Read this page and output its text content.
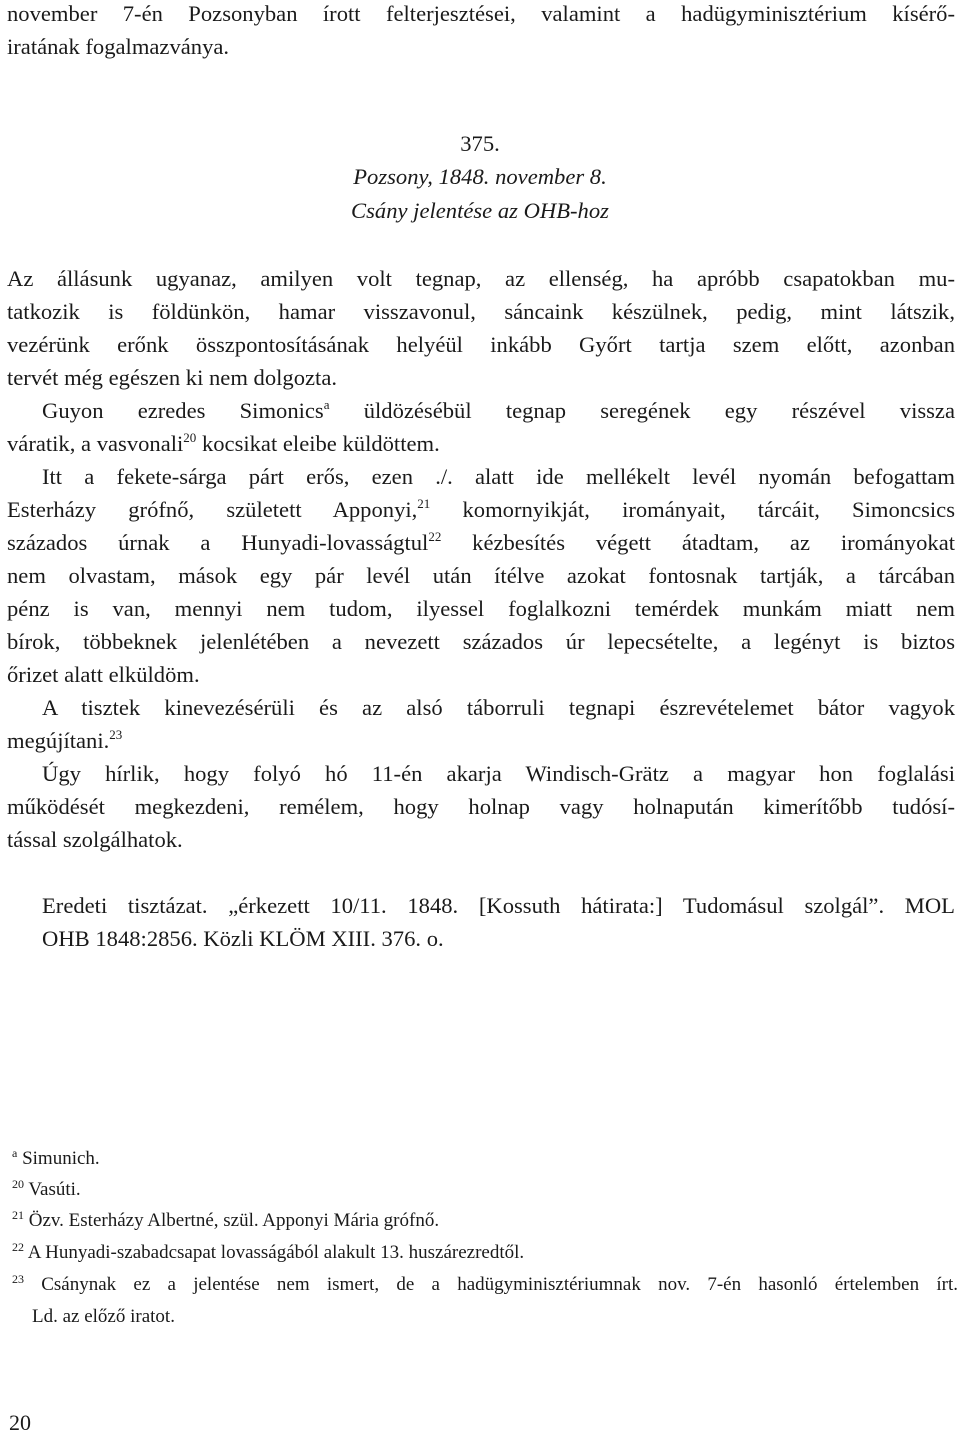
november 7-én Pozsonyban írott felterjesztései, valamint a hadügyminisztérium kísérő-
iratának fogalmazványa.
375.
Pozsony, 1848. november 8.
Csány jelentése az OHB-hoz
Az állásunk ugyanaz, amilyen volt tegnap, az ellenség, ha apróbb csapatokban mu-
tatkozik is földünkön, hamar visszavonul, sáncaink készülnek, pedig, mint látszik,
vezérünk erőnk összpontosításának helyéül inkább Győrt tartja szem előtt, azonban
tervét még egészen ki nem dolgozta.
Guyon ezredes Simonics$^a$ üldözésébül tegnap seregének egy részével vissza
váratik, a vasvonali$^{20}$ kocsikat eleibe küldöttem.
Itt a fekete-sárga párt erős, ezen ./. alatt ide mellékelt levél nyomán befogattam
Esterházy grófnő, született Apponyi,$^{21}$ komornyikját, irományait, tárcáit, Simoncsics
százados úrnak a Hunyadi-lovasságtul$^{22}$ kézbesítés végett átadtam, az irományokat
nem olvastam, mások egy pár levél után ítélve azokat fontosnak tartják, a tárcában
pénz is van, mennyi nem tudom, ilyessel foglalkozni temérdek munkám miatt nem
bírok, többeknek jelenlétében a nevezett százados úr lepecsételte, a legényt is biztos
őrizet alatt elküldöm.
A tisztek kinevezésérüli és az alsó táborruli tegnapi észrevételemet bátor vagyok
megújítani.$^{23}$
Úgy hírlik, hogy folyó hó 11-én akarja Windisch-Grätz a magyar hon foglalási
működését megkezdeni, remélem, hogy holnap vagy holnapután kimerítőbb tudósí-
tással szolgálhatok.
Eredeti tisztázat. „érkezett 10/11. 1848. [Kossuth hátirata:] Tudomásul szolgál”. MOL
OHB 1848:2856. Közli KLÖM XIII. 376. o.
$^a$ Simunich.
$^{20}$ Vasúti.
$^{21}$ Özv. Esterházy Albertné, szül. Apponyi Mária grófnő.
$^{22}$ A Hunyadi-szabadcsapat lovasságából alakult 13. huszárezredtől.
$^{23}$ Csánynak ez a jelentése nem ismert, de a hadügyminisztériumnak nov. 7-én hasonló értelemben írt.
Ld. az előző iratot.
20
